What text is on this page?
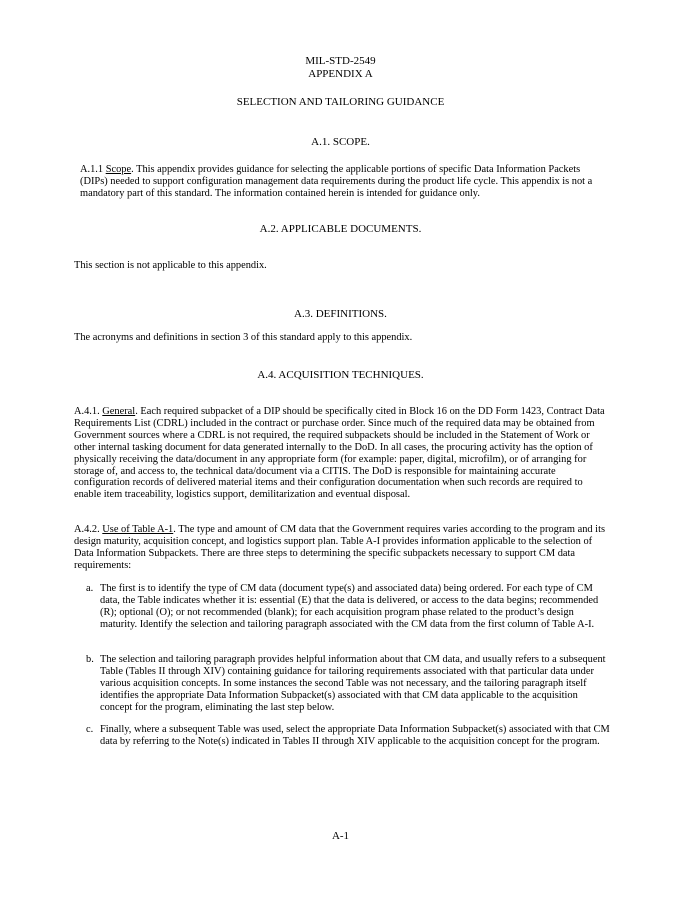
MIL-STD-2549
APPENDIX A
SELECTION AND TAILORING GUIDANCE
A.1. SCOPE.
A.1.1 Scope. This appendix provides guidance for selecting the applicable portions of specific Data Information Packets (DIPs) needed to support configuration management data requirements during the product life cycle. This appendix is not a mandatory part of this standard. The information contained herein is intended for guidance only.
A.2. APPLICABLE DOCUMENTS.
This section is not applicable to this appendix.
A.3. DEFINITIONS.
The acronyms and definitions in section 3 of this standard apply to this appendix.
A.4. ACQUISITION TECHNIQUES.
A.4.1. General. Each required subpacket of a DIP should be specifically cited in Block 16 on the DD Form 1423, Contract Data Requirements List (CDRL) included in the contract or purchase order. Since much of the required data may be obtained from Government sources where a CDRL is not required, the required subpackets should be included in the Statement of Work or other internal tasking document for data generated internally to the DoD. In all cases, the procuring activity has the option of physically receiving the data/document in any appropriate form (for example: paper, digital, microfilm), or of arranging for storage of, and access to, the technical data/document via a CITIS. The DoD is responsible for maintaining accurate configuration records of delivered material items and their configuration documentation when such records are required to enable item traceability, logistics support, demilitarization and eventual disposal.
A.4.2. Use of Table A-1. The type and amount of CM data that the Government requires varies according to the program and its design maturity, acquisition concept, and logistics support plan. Table A-I provides information applicable to the selection of Data Information Subpackets. There are three steps to determining the specific subpackets necessary to support CM data requirements:
a. The first is to identify the type of CM data (document type(s) and associated data) being ordered. For each type of CM data, the Table indicates whether it is: essential (E) that the data is delivered, or access to the data begins; recommended (R); optional (O); or not recommended (blank); for each acquisition program phase related to the product’s design maturity. Identify the selection and tailoring paragraph associated with the CM data from the first column of Table A-I.
b. The selection and tailoring paragraph provides helpful information about that CM data, and usually refers to a subsequent Table (Tables II through XIV) containing guidance for tailoring requirements associated with that particular data under various acquisition concepts. In some instances the second Table was not necessary, and the tailoring paragraph itself identifies the appropriate Data Information Subpacket(s) associated with that CM data applicable to the acquisition concept for the program, eliminating the last step below.
c. Finally, where a subsequent Table was used, select the appropriate Data Information Subpacket(s) associated with that CM data by referring to the Note(s) indicated in Tables II through XIV applicable to the acquisition concept for the program.
A-1
